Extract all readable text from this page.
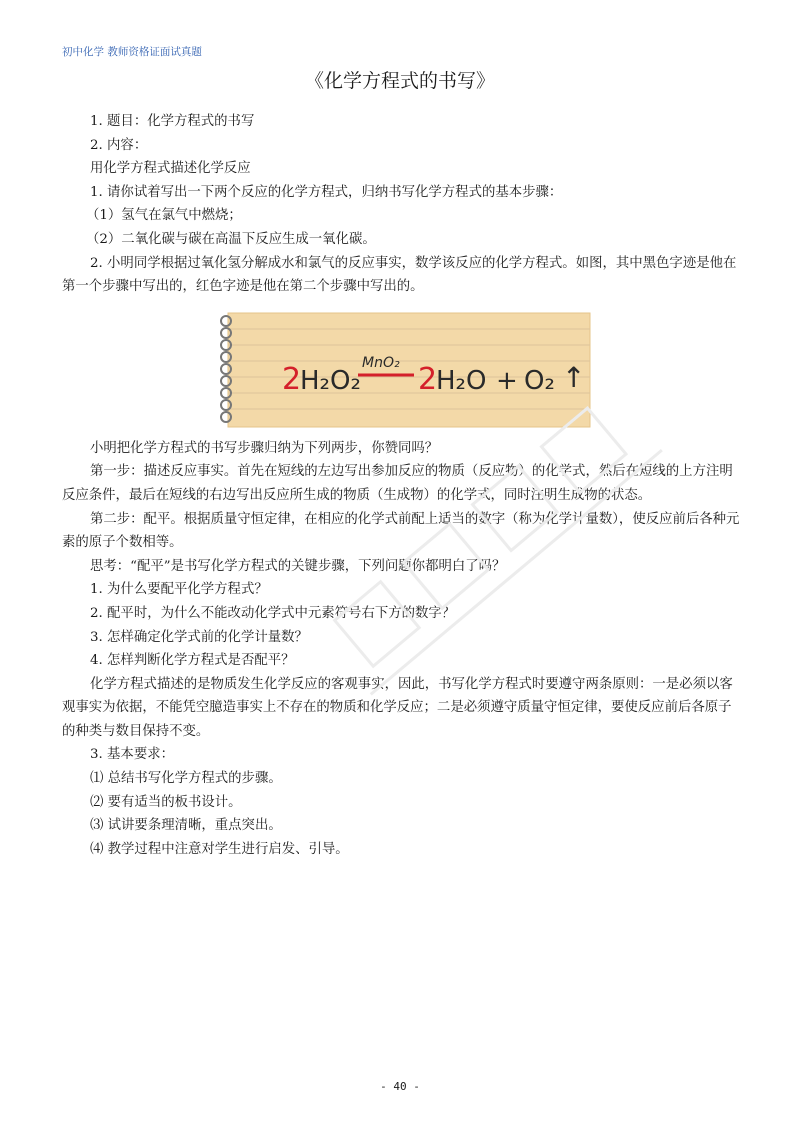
初中化学 教师资格证面试真题
《化学方程式的书写》

1. 题目：化学方程式的书写

2. 内容：

用化学方程式描述化学反应

1. 请你试着写出一下两个反应的化学方程式，归纳书写化学方程式的基本步骤：

（1）氢气在氯气中燃烧；

（2）二氧化碳与碳在高温下反应生成一氧化碳。

2. 小明同学根据过氧化氢分解成水和氯气的反应事实，数学该反应的化学方程式。如图，其中黑色字迹是他在第一个步骤中写出的，红色字迹是他在第二个步骤中写出的。

2
H₂O₂
MnO₂ 2
H₂O + O₂ ↑

小明把化学方程式的书写步骤归纳为下列两步，你赞同吗？

第一步：描述反应事实。首先在短线的左边写出参加反应的物质（反应物）的化学式，然后在短线的上方注明反应条件，最后在短线的右边写出反应所生成的物质（生成物）的化学式，同时注明生成物的状态。

第二步：配平。根据质量守恒定律，在相应的化学式前配上适当的数字（称为化学计量数），使反应前后各种元素的原子个数相等。

思考：“配平”是书写化学方程式的关键步骤，下列问题你都明白了吗？

1. 为什么要配平化学方程式？

2. 配平时，为什么不能改动化学式中元素符号右下方的数字？

3. 怎样确定化学式前的化学计量数？

4. 怎样判断化学方程式是否配平？

化学方程式描述的是物质发生化学反应的客观事实，因此，书写化学方程式时要遵守两条原则：一是必须以客观事实为依据，不能凭空臆造事实上不存在的物质和化学反应；二是必须遵守质量守恒定律，要使反应前后各原子的种类与数目保持不变。

3. 基本要求：

⑴ 总结书写化学方程式的步骤。

⑵ 要有适当的板书设计。

⑶ 试讲要条理清晰，重点突出。

⑷ 教学过程中注意对学生进行启发、引导。

- 40 -
